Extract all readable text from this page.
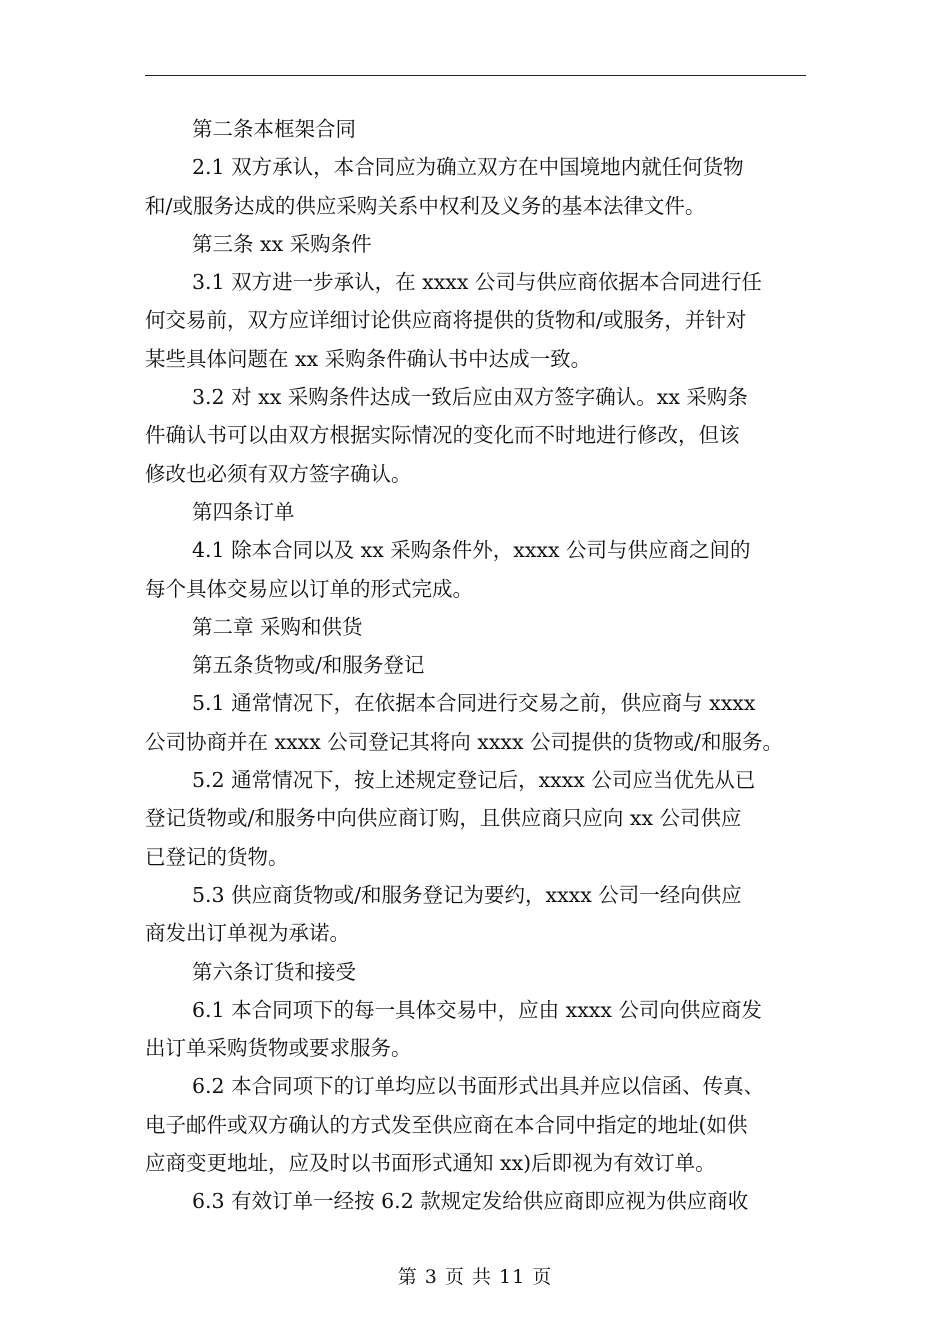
第二条本框架合同
2.1 双方承认，本合同应为确立双方在中国境地内就任何货物
和/或服务达成的供应采购关系中权利及义务的基本法律文件。
第三条 xx 采购条件
3.1 双方进一步承认，在 xxxx 公司与供应商依据本合同进行任
何交易前，双方应详细讨论供应商将提供的货物和/或服务，并针对
某些具体问题在 xx 采购条件确认书中达成一致。
3.2 对 xx 采购条件达成一致后应由双方签字确认。xx 采购条
件确认书可以由双方根据实际情况的变化而不时地进行修改，但该
修改也必须有双方签字确认。
第四条订单
4.1 除本合同以及 xx 采购条件外，xxxx 公司与供应商之间的
每个具体交易应以订单的形式完成。
第二章 采购和供货
第五条货物或/和服务登记
5.1 通常情况下，在依据本合同进行交易之前，供应商与 xxxx
公司协商并在 xxxx 公司登记其将向 xxxx 公司提供的货物或/和服务。
5.2 通常情况下，按上述规定登记后，xxxx 公司应当优先从已
登记货物或/和服务中向供应商订购，且供应商只应向 xx 公司供应
已登记的货物。
5.3 供应商货物或/和服务登记为要约，xxxx 公司一经向供应
商发出订单视为承诺。
第六条订货和接受
6.1 本合同项下的每一具体交易中，应由 xxxx 公司向供应商发
出订单采购货物或要求服务。
6.2 本合同项下的订单均应以书面形式出具并应以信函、传真、
电子邮件或双方确认的方式发至供应商在本合同中指定的地址(如供
应商变更地址，应及时以书面形式通知 xx)后即视为有效订单。
6.3 有效订单一经按 6.2 款规定发给供应商即应视为供应商收
第 3 页 共 11 页
